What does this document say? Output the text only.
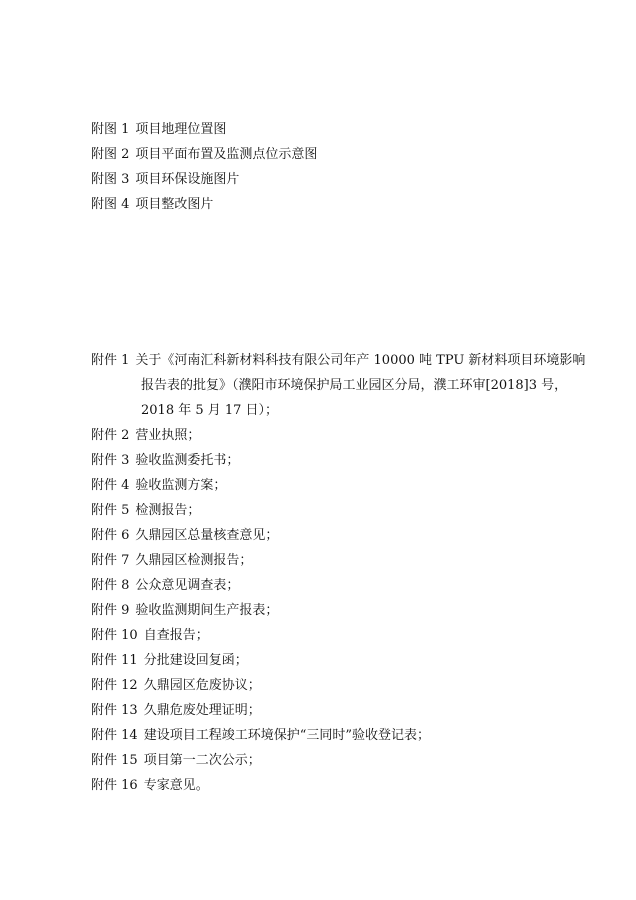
附图 1 项目地理位置图
附图 2 项目平面布置及监测点位示意图
附图 3 项目环保设施图片
附图 4 项目整改图片
附件 1 关于《河南汇科新材料科技有限公司年产 10000 吨 TPU 新材料项目环境影响
报告表的批复》（濮阳市环境保护局工业园区分局，濮工环审[2018]3 号，
2018 年 5 月 17 日）；
附件 2 营业执照；
附件 3 验收监测委托书；
附件 4 验收监测方案；
附件 5 检测报告；
附件 6 久鼎园区总量核查意见；
附件 7 久鼎园区检测报告；
附件 8 公众意见调查表；
附件 9 验收监测期间生产报表；
附件 10 自查报告；
附件 11 分批建设回复函；
附件 12 久鼎园区危废协议；
附件 13 久鼎危废处理证明；
附件 14 建设项目工程竣工环境保护“三同时”验收登记表；
附件 15 项目第一二次公示；
附件 16 专家意见。
